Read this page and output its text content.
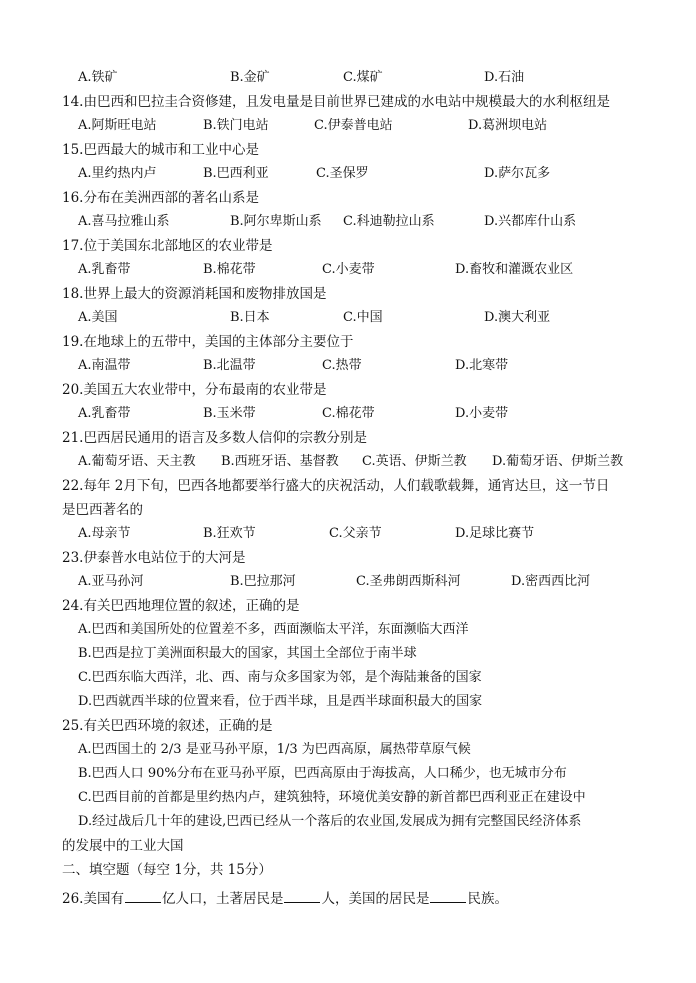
A.铁矿	B.金矿	C.煤矿	D.石油
14.由巴西和巴拉圭合资修建，且发电量是目前世界已建成的水电站中规模最大的水利枢纽是
A.阿斯旺电站	B.铁门电站	C.伊泰普电站	D.葛洲坝电站
15.巴西最大的城市和工业中心是
A.里约热内卢	B.巴西利亚	C.圣保罗	D.萨尔瓦多
16.分布在美洲西部的著名山系是
A.喜马拉雅山系	B.阿尔卑斯山系 C.科迪勒拉山系	D.兴都库什山系
17.位于美国东北部地区的农业带是
A.乳畜带	B.棉花带	C.小麦带	D.畜牧和灌溉农业区
18.世界上最大的资源消耗国和废物排放国是
A.美国	B.日本	C.中国	D.澳大利亚
19.在地球上的五带中，美国的主体部分主要位于
A.南温带	B.北温带	C.热带	D.北寒带
20.美国五大农业带中，分布最南的农业带是
A.乳畜带	B.玉米带	C.棉花带	D.小麦带
21.巴西居民通用的语言及多数人信仰的宗教分别是
A.葡萄牙语、天主教 B.西班牙语、基督教 C.英语、伊斯兰教 D.葡萄牙语、伊斯兰教
22.每年 2月下旬，巴西各地都要举行盛大的庆祝活动，人们载歌载舞，通宵达旦，这一节日
是巴西著名的
A.母亲节	B.狂欢节	C.父亲节	D.足球比赛节
23.伊泰普水电站位于的大河是
A.亚马孙河	B.巴拉那河	C.圣弗朗西斯科河	D.密西西比河
24.有关巴西地理位置的叙述，正确的是
A.巴西和美国所处的位置差不多，西面濒临太平洋，东面濒临大西洋
B.巴西是拉丁美洲面积最大的国家，其国土全部位于南半球
C.巴西东临大西洋，北、西、南与众多国家为邻，是个海陆兼备的国家
D.巴西就西半球的位置来看，位于西半球，且是西半球面积最大的国家
25.有关巴西环境的叙述，正确的是
A.巴西国土的 2/3 是亚马孙平原，1/3 为巴西高原，属热带草原气候
B.巴西人口 90%分布在亚马孙平原，巴西高原由于海拔高，人口稀少，也无城市分布
C.巴西目前的首都是里约热内卢，建筑独特，环境优美安静的新首都巴西利亚正在建设中
D.经过战后几十年的建设,巴西已经从一个落后的农业国,发展成为拥有完整国民经济体系
的发展中的工业大国
二、填空题（每空 1分，共 15分）
26.美国有	亿人口，土著居民是	人，美国的居民是	民族。
